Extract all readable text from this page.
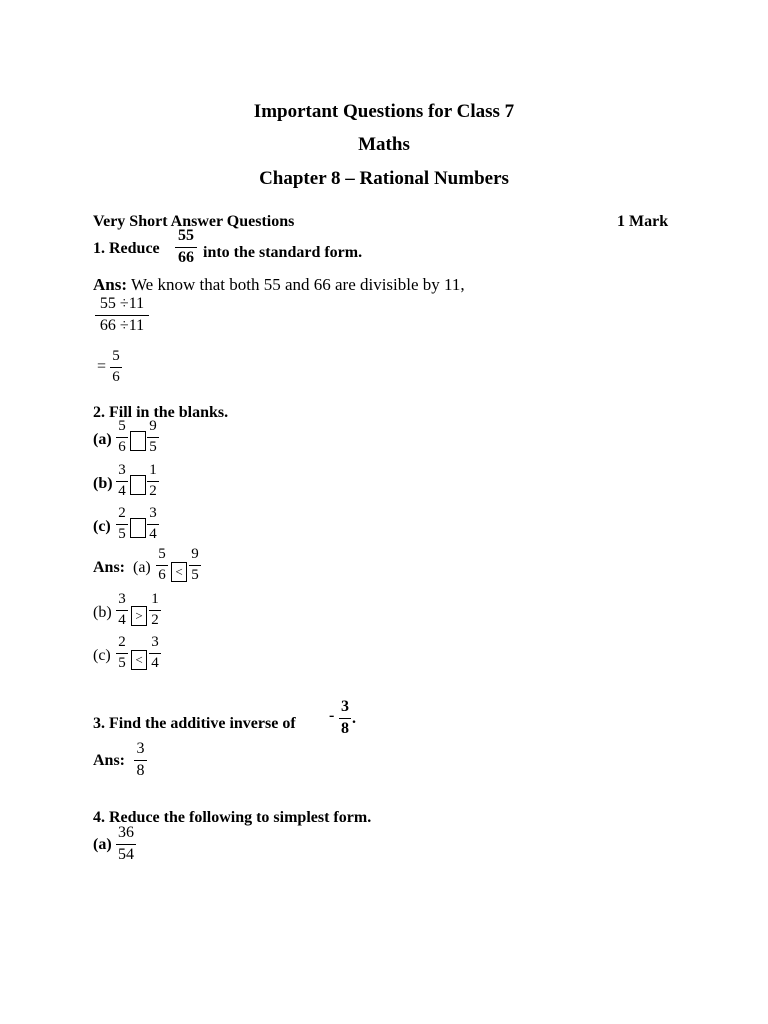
Important Questions for Class 7
Maths
Chapter 8 – Rational Numbers
Very Short Answer Questions	1 Mark
1. Reduce
55
66 into the standard form.
Ans: We know that both 55 and 66 are divisible by 11,
55 ÷11
66 ÷11
=
5
6
2. Fill in the blanks.
(a)
5
6
9
5
(b)
3
4
1
2
(c)
2
5
3
4
Ans: (a)
5
6 <
9
5
(b)
3
4 >
1
2
(c)
2
5 <
3
4
3. Find the additive inverse of -
3
8
.
Ans:
3
8
4. Reduce the following to simplest form.
(a)
36
54
